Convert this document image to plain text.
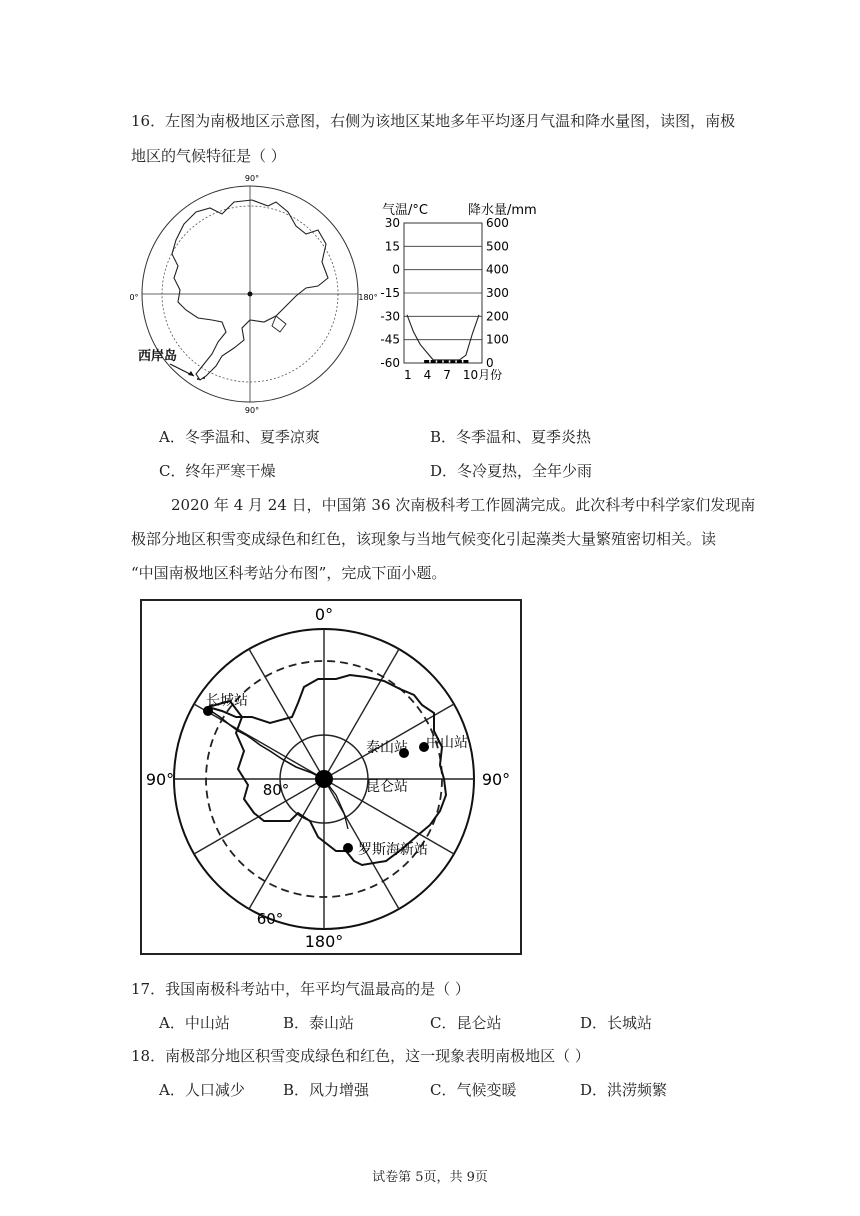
16．左图为南极地区示意图，右侧为该地区某地多年平均逐月气温和降水量图，读图，南极
地区的气候特征是（ ）
90°
90°
0°	180°
西岸岛
气温/°C	降水量/mm
30
15
0
-15
-30
-45
-60
600
500
400
300
200
100
0
1 4 7 10月份
A．冬季温和、夏季凉爽	B．冬季温和、夏季炎热
C．终年严寒干燥	D．冬冷夏热，全年少雨
2020 年 4 月 24 日，中国第 36 次南极科考工作圆满完成。此次科考中科学家们发现南
极部分地区积雪变成绿色和红色，该现象与当地气候变化引起藻类大量繁殖密切相关。读
“中国南极地区科考站分布图”，完成下面小题。
长城站
泰山站 中山站
昆仑站
罗斯海新站
0°
180°
90°	90°
80°
60°
17．我国南极科考站中，年平均气温最高的是（ ）
A．中山站	B．泰山站	C．昆仑站	D．长城站
18．南极部分地区积雪变成绿色和红色，这一现象表明南极地区（ ）
A．人口减少	B．风力增强	C．气候变暖	D．洪涝频繁
试卷第 5页，共 9页
